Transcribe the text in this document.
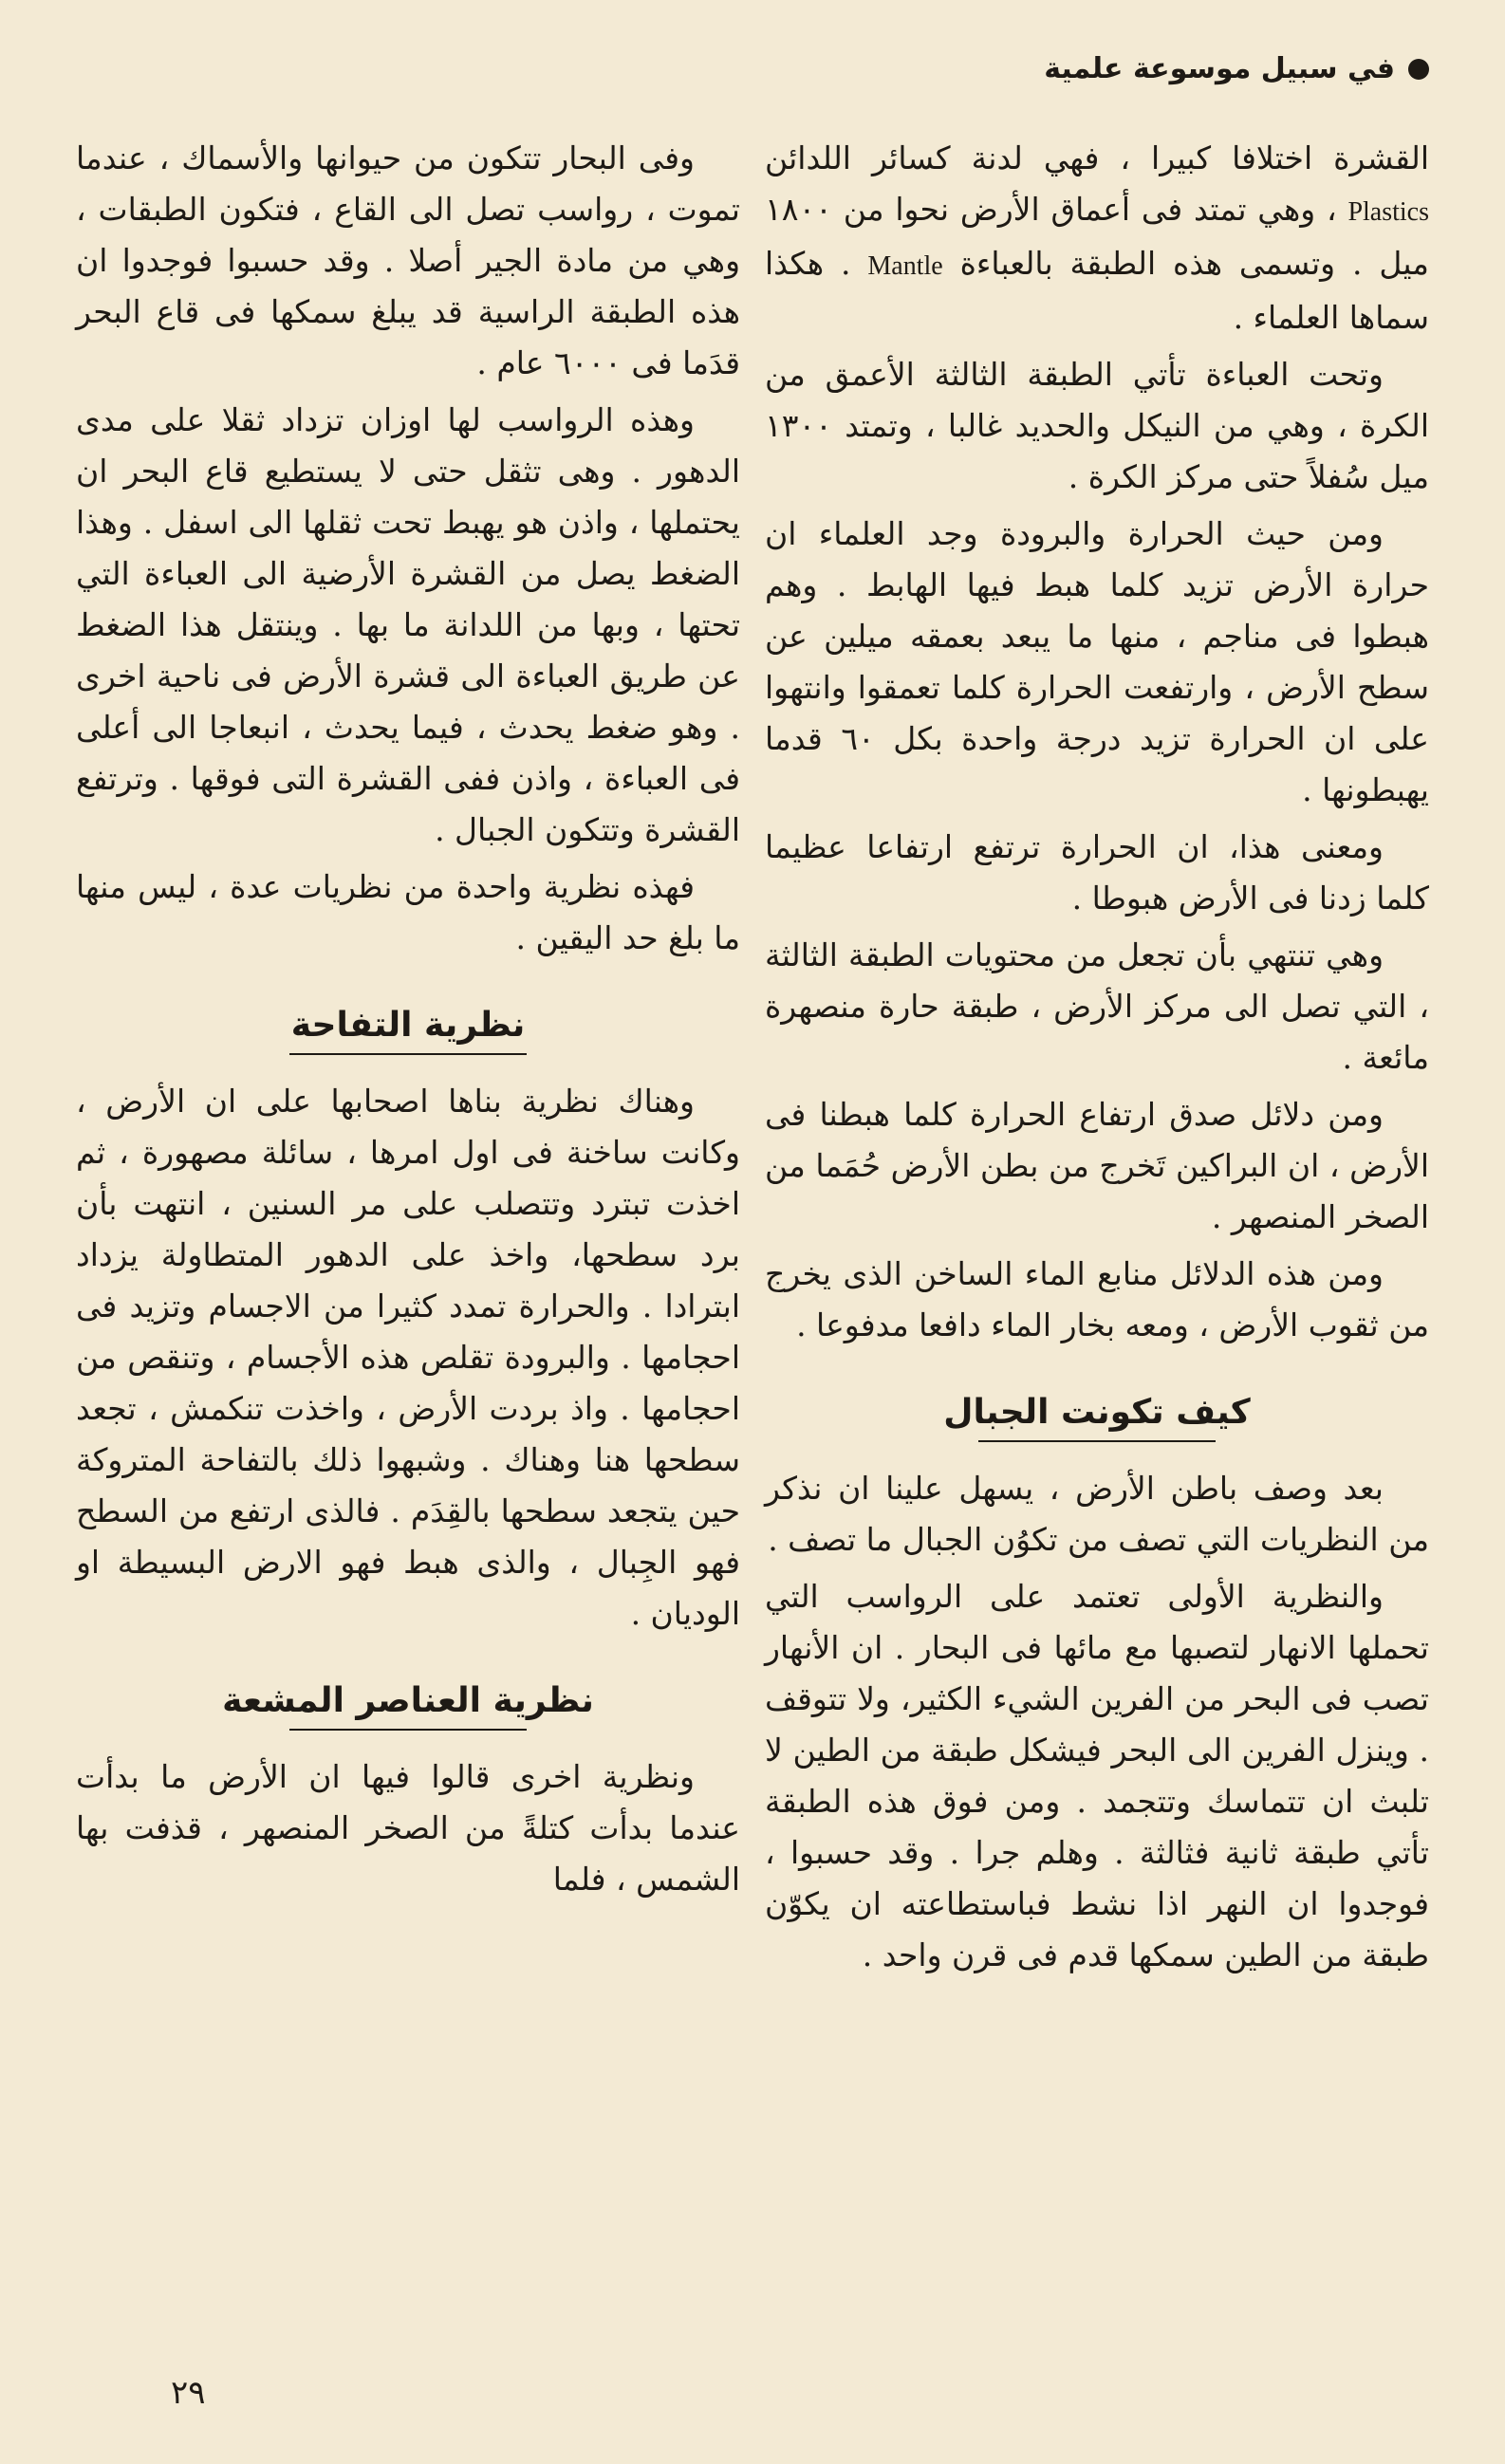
في سبيل موسوعة علمية

القشرة اختلافا كبيرا ، فهي لدنة كسائر اللدائن Plastics ، وهي تمتد فى أعماق الأرض نحوا من ١٨٠٠ ميل . وتسمى هذه الطبقة بالعباءة Mantle . هكذا سماها العلماء .

وتحت العباءة تأتي الطبقة الثالثة الأعمق من الكرة ، وهي من النيكل والحديد غالبا ، وتمتد ١٣٠٠ ميل سُفلاً حتى مركز الكرة .

ومن حيث الحرارة والبرودة وجد العلماء ان حرارة الأرض تزيد كلما هبط فيها الهابط . وهم هبطوا فى مناجم ، منها ما يبعد بعمقه ميلين عن سطح الأرض ، وارتفعت الحرارة كلما تعمقوا وانتهوا على ان الحرارة تزيد درجة واحدة بكل ٦٠ قدما يهبطونها .

ومعنى هذا، ان الحرارة ترتفع ارتفاعا عظيما كلما زدنا فى الأرض هبوطا .

وهي تنتهي بأن تجعل من محتويات الطبقة الثالثة ، التي تصل الى مركز الأرض ، طبقة حارة منصهرة مائعة .

ومن دلائل صدق ارتفاع الحرارة كلما هبطنا فى الأرض ، ان البراكين تَخرج من بطن الأرض حُمَما من الصخر المنصهر .

ومن هذه الدلائل منابع الماء الساخن الذى يخرج من ثقوب الأرض ، ومعه بخار الماء دافعا مدفوعا .

كيف تكونت الجبال

بعد وصف باطن الأرض ، يسهل علينا ان نذكر من النظريات التي تصف من تكوُن الجبال ما تصف .

والنظرية الأولى تعتمد على الرواسب التي تحملها الانهار لتصبها مع مائها فى البحار . ان الأنهار تصب فى البحر من الفرين الشيء الكثير، ولا تتوقف . وينزل الفرين الى البحر فيشكل طبقة من الطين لا تلبث ان تتماسك وتتجمد . ومن فوق هذه الطبقة تأتي طبقة ثانية فثالثة . وهلم جرا . وقد حسبوا ، فوجدوا ان النهر اذا نشط فباستطاعته ان يكوّن طبقة من الطين سمكها قدم فى قرن واحد .

وفى البحار تتكون من حيوانها والأسماك ، عندما تموت ، رواسب تصل الى القاع ، فتكون الطبقات ، وهي من مادة الجير أصلا . وقد حسبوا فوجدوا ان هذه الطبقة الراسية قد يبلغ سمكها فى قاع البحر قدَما فى ٦٠٠٠ عام .

وهذه الرواسب لها اوزان تزداد ثقلا على مدى الدهور . وهى تثقل حتى لا يستطيع قاع البحر ان يحتملها ، واذن هو يهبط تحت ثقلها الى اسفل . وهذا الضغط يصل من القشرة الأرضية الى العباءة التي تحتها ، وبها من اللدانة ما بها . وينتقل هذا الضغط عن طريق العباءة الى قشرة الأرض فى ناحية اخرى . وهو ضغط يحدث ، فيما يحدث ، انبعاجا الى أعلى فى العباءة ، واذن ففى القشرة التى فوقها . وترتفع القشرة وتتكون الجبال .

فهذه نظرية واحدة من نظريات عدة ، ليس منها ما بلغ حد اليقين .

نظرية التفاحة

وهناك نظرية بناها اصحابها على ان الأرض ، وكانت ساخنة فى اول امرها ، سائلة مصهورة ، ثم اخذت تبترد وتتصلب على مر السنين ، انتهت بأن برد سطحها، واخذ على الدهور المتطاولة يزداد ابترادا . والحرارة تمدد كثيرا من الاجسام وتزيد فى احجامها . والبرودة تقلص هذه الأجسام ، وتنقص من احجامها . واذ بردت الأرض ، واخذت تنكمش ، تجعد سطحها هنا وهناك . وشبهوا ذلك بالتفاحة المتروكة حين يتجعد سطحها بالقِدَم . فالذى ارتفع من السطح فهو الجِبال ، والذى هبط فهو الارض البسيطة او الوديان .

نظرية العناصر المشعة

ونظرية اخرى قالوا فيها ان الأرض ما بدأت عندما بدأت كتلةً من الصخر المنصهر ، قذفت بها الشمس ، فلما

٢٩
